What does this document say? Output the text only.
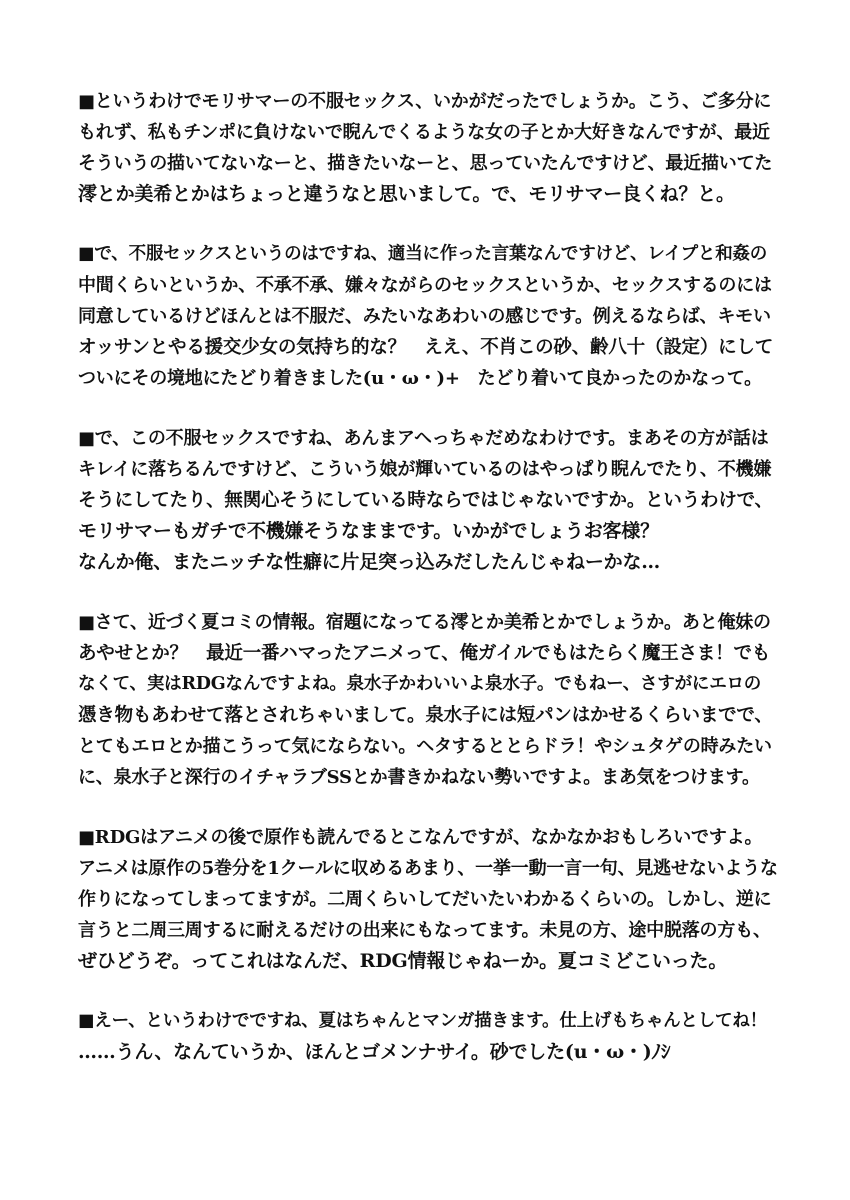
■というわけでモリサマーの不服セックス、いかがだったでしょうか。こう、ご多分に
もれず、私もチンポに負けないで睨んでくるような女の子とか大好きなんですが、最近
そういうの描いてないなーと、描きたいなーと、思っていたんですけど、最近描いてた
澪とか美希とかはちょっと違うなと思いまして。で、モリサマー良くね？と。
■で、不服セックスというのはですね、適当に作った言葉なんですけど、レイプと和姦の
中間くらいというか、不承不承、嫌々ながらのセックスというか、セックスするのには
同意しているけどほんとは不服だ、みたいなあわいの感じです。例えるならば、キモい
オッサンとやる援交少女の気持ち的な？　ええ、不肖この砂、齢八十（設定）にして
ついにその境地にたどり着きました(u・ω・)+　たどり着いて良かったのかなって。
■で、この不服セックスですね、あんまアヘっちゃだめなわけです。まあその方が話は
キレイに落ちるんですけど、こういう娘が輝いているのはやっぱり睨んでたり、不機嫌
そうにしてたり、無関心そうにしている時ならではじゃないですか。というわけで、
モリサマーもガチで不機嫌そうなままです。いかがでしょうお客様？
なんか俺、またニッチな性癖に片足突っ込みだしたんじゃねーかな…
■さて、近づく夏コミの情報。宿題になってる澪とか美希とかでしょうか。あと俺妹の
あやせとか？　最近一番ハマったアニメって、俺ガイルでもはたらく魔王さま！でも
なくて、実はRDGなんですよね。泉水子かわいいよ泉水子。でもねー、さすがにエロの
憑き物もあわせて落とされちゃいまして。泉水子には短パンはかせるくらいまでで、
とてもエロとか描こうって気にならない。ヘタするととらドラ！やシュタゲの時みたい
に、泉水子と深行のイチャラブSSとか書きかねない勢いですよ。まあ気をつけます。
■RDGはアニメの後で原作も読んでるとこなんですが、なかなかおもしろいですよ。
アニメは原作の5巻分を1クールに収めるあまり、一挙一動一言一句、見逃せないような
作りになってしまってますが。二周くらいしてだいたいわかるくらいの。しかし、逆に
言うと二周三周するに耐えるだけの出来にもなってます。未見の方、途中脱落の方も、
ぜひどうぞ。ってこれはなんだ、RDG情報じゃねーか。夏コミどこいった。
■えー、というわけでですね、夏はちゃんとマンガ描きます。仕上げもちゃんとしてね！
……うん、なんていうか、ほんとゴメンナサイ。砂でした(u・ω・)ﾉｼ
